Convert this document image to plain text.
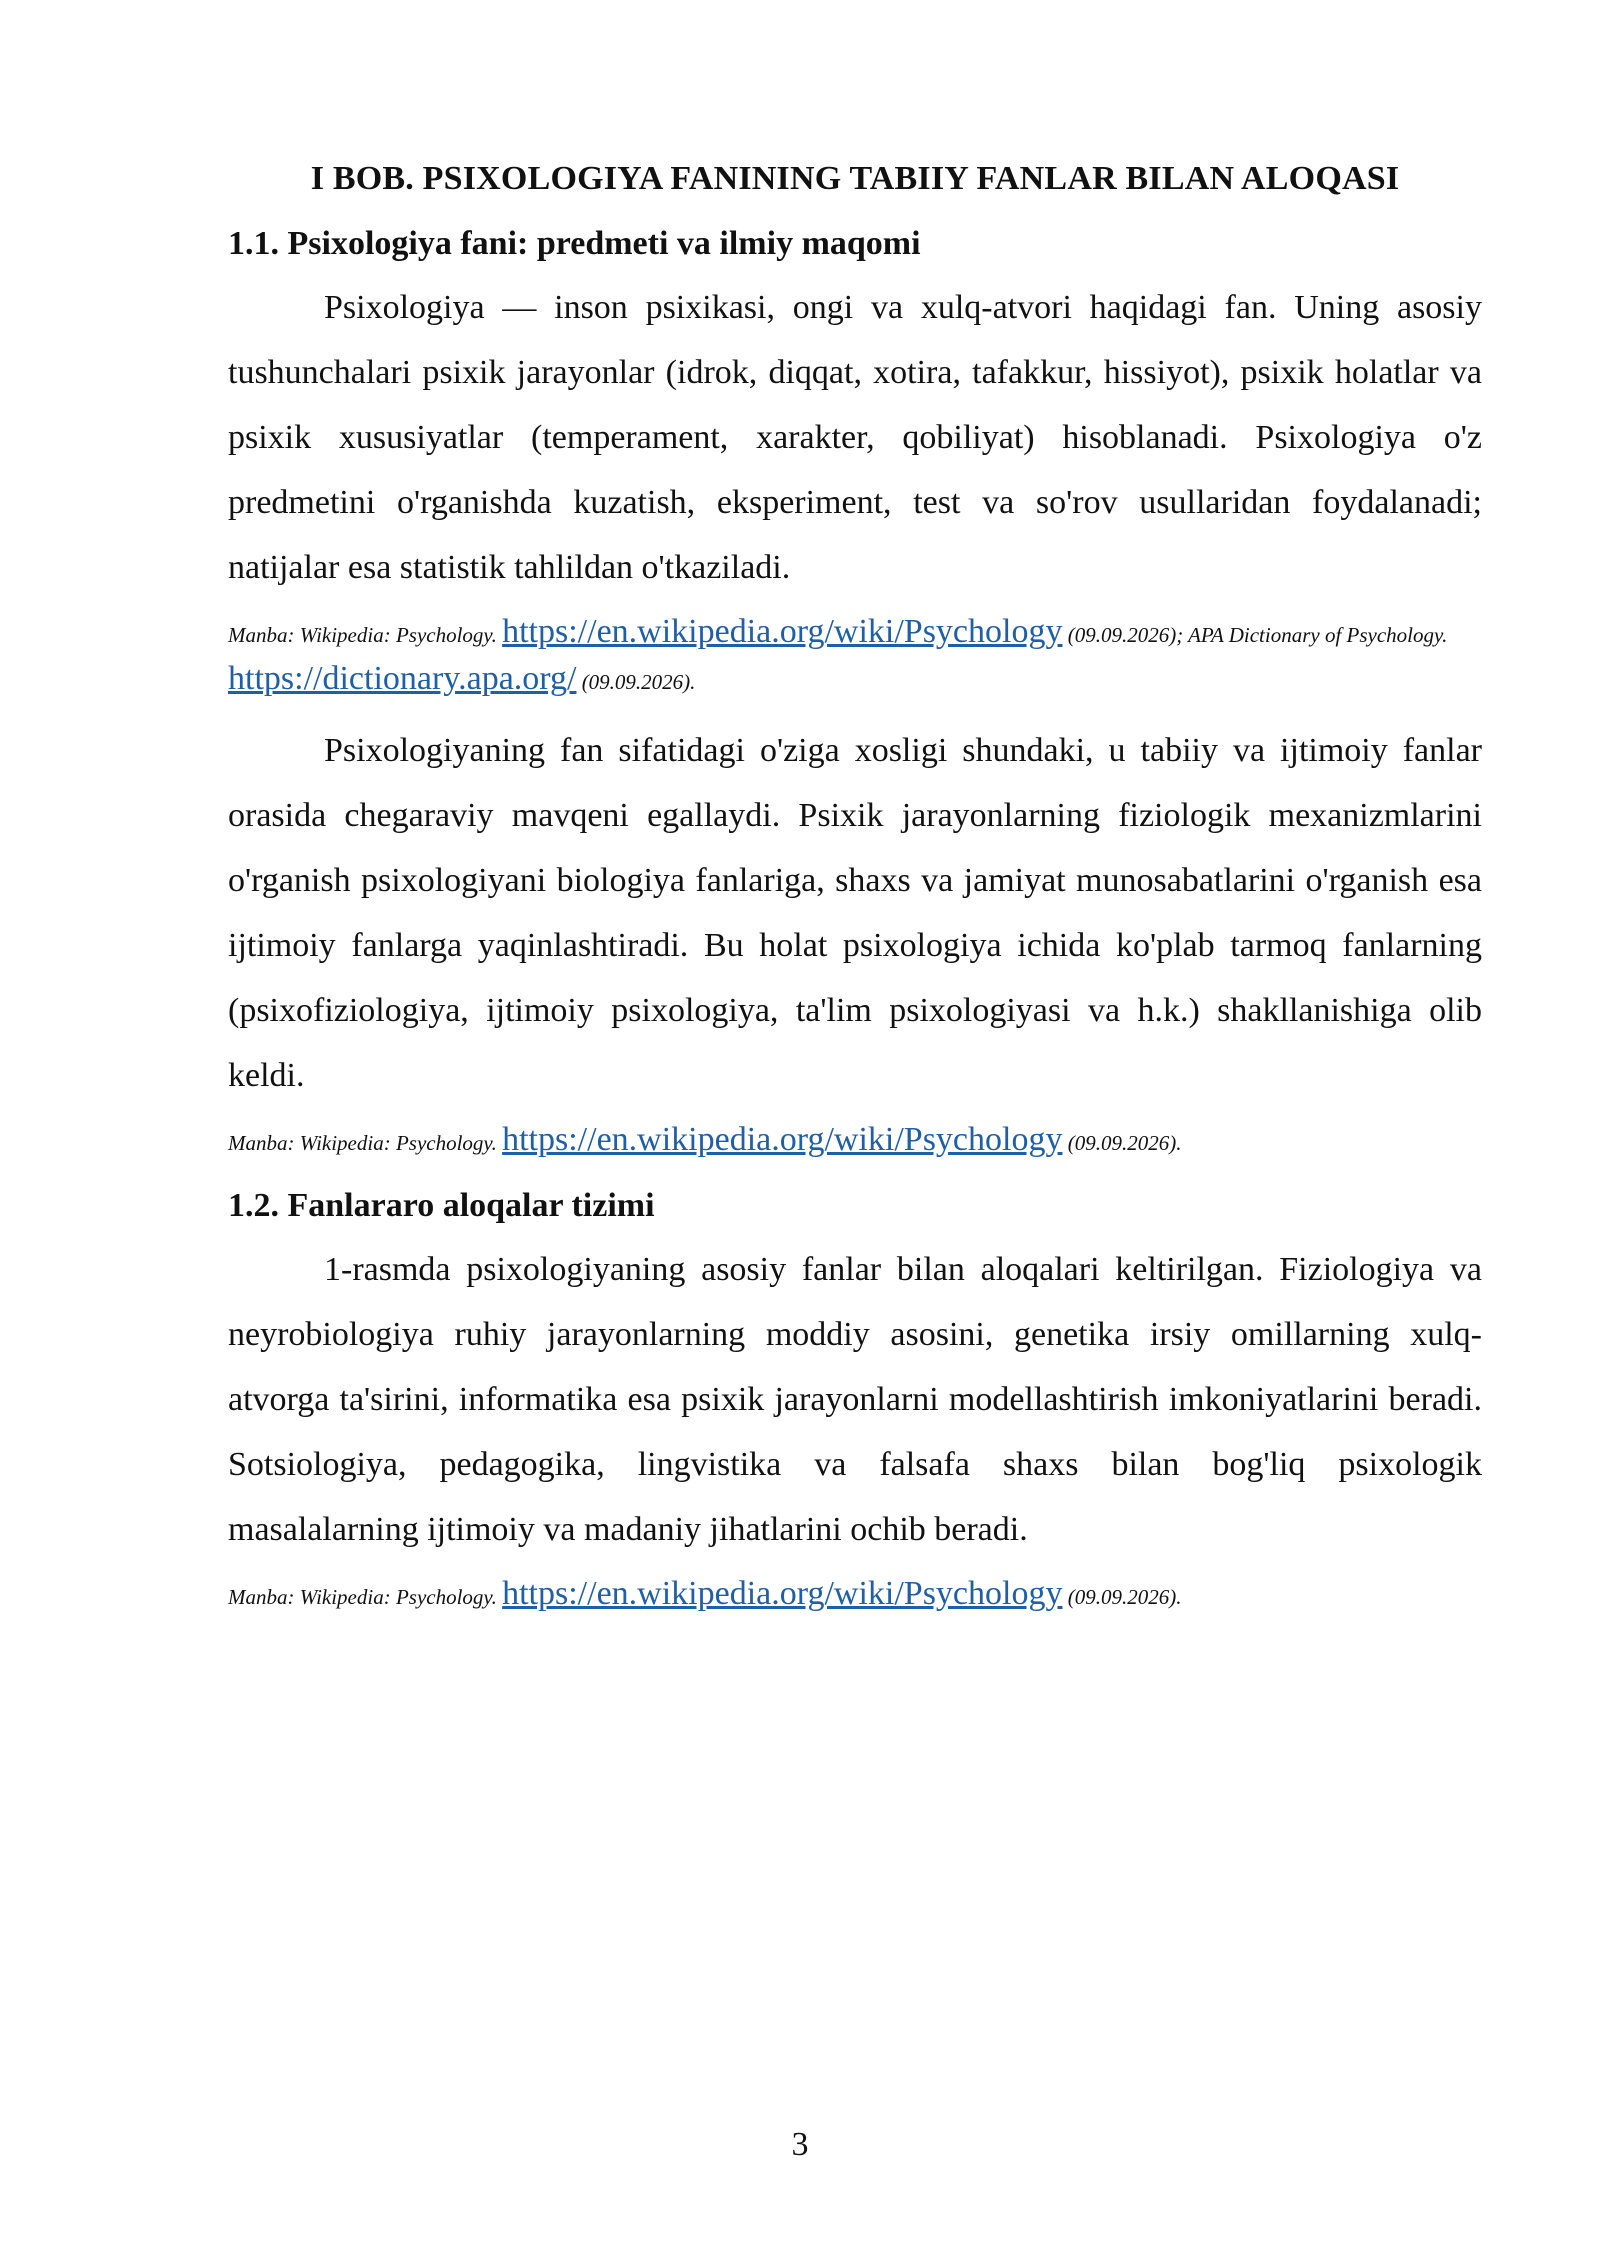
I BOB. PSIXOLOGIYA FANINING TABIIY FANLAR BILAN ALOQASI
1.1. Psixologiya fani: predmeti va ilmiy maqomi

Psixologiya — inson psixikasi, ongi va xulq-atvori haqidagi fan. Uning asosiy tushunchalari psixik jarayonlar (idrok, diqqat, xotira, tafakkur, hissiyot), psixik holatlar va psixik xususiyatlar (temperament, xarakter, qobiliyat) hisoblanadi. Psixologiya o'z predmetini o'rganishda kuzatish, eksperiment, test va so'rov usullaridan foydalanadi; natijalar esa statistik tahlildan o'tkaziladi.

Manba: Wikipedia: Psychology. https://en.wikipedia.org/wiki/Psychology (09.09.2026); APA Dictionary of Psychology. https://dictionary.apa.org/ (09.09.2026).

Psixologiyaning fan sifatidagi o'ziga xosligi shundaki, u tabiiy va ijtimoiy fanlar orasida chegaraviy mavqeni egallaydi. Psixik jarayonlarning fiziologik mexanizmlarini o'rganish psixologiyani biologiya fanlariga, shaxs va jamiyat munosabatlarini o'rganish esa ijtimoiy fanlarga yaqinlashtiradi. Bu holat psixologiya ichida ko'plab tarmoq fanlarning (psixofiziologiya, ijtimoiy psixologiya, ta'lim psixologiyasi va h.k.) shakllanishiga olib keldi.

Manba: Wikipedia: Psychology. https://en.wikipedia.org/wiki/Psychology (09.09.2026).
1.2. Fanlararo aloqalar tizimi

1-rasmda psixologiyaning asosiy fanlar bilan aloqalari keltirilgan. Fiziologiya va neyrobiologiya ruhiy jarayonlarning moddiy asosini, genetika irsiy omillarning xulq-atvorga ta'sirini, informatika esa psixik jarayonlarni modellashtirish imkoniyatlarini beradi. Sotsiologiya, pedagogika, lingvistika va falsafa shaxs bilan bog'liq psixologik masalalarning ijtimoiy va madaniy jihatlarini ochib beradi.

Manba: Wikipedia: Psychology. https://en.wikipedia.org/wiki/Psychology (09.09.2026).
3
